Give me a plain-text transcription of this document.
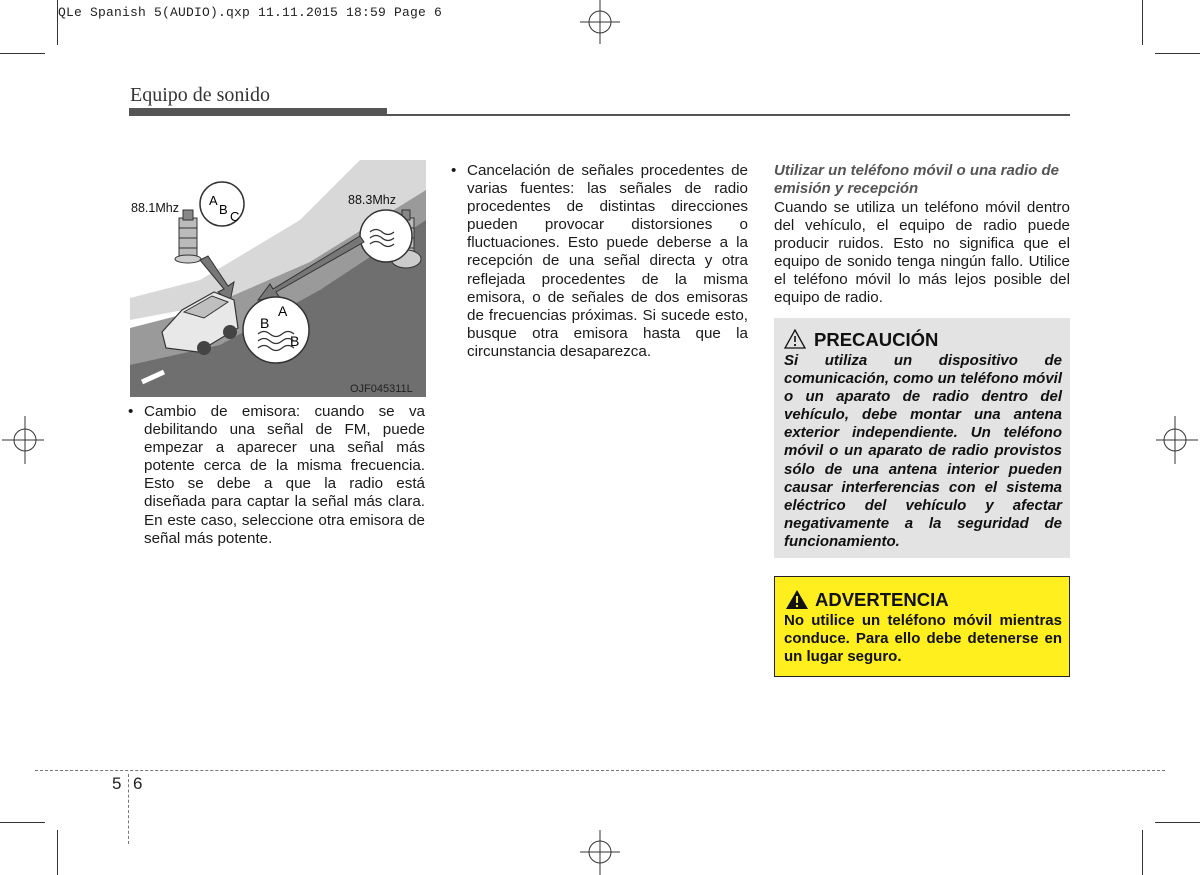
QLe Spanish 5(AUDIO).qxp 11.11.2015 18:59 Page 6
Equipo de sonido
A
B C
A
B
B
88.1Mhz
88.3Mhz
OJF045311L
• Cambio de emisora: cuando se va debilitando una señal de FM, puede empezar a aparecer una señal más potente cerca de la misma frecuencia. Esto se debe a que la radio está diseñada para captar la señal más clara. En este caso, seleccione otra emisora de señal más potente.
• Cancelación de señales procedentes de varias fuentes: las señales de radio procedentes de distintas direcciones pueden provocar distorsiones o fluctuaciones. Esto puede deberse a la recepción de una señal directa y otra reflejada procedentes de la misma emisora, o de señales de dos emisoras de frecuencias próximas. Si sucede esto, busque otra emisora hasta que la circunstancia desaparezca.
Utilizar un teléfono móvil o una radio de emisión y recepción
Cuando se utiliza un teléfono móvil dentro del vehículo, el equipo de radio puede producir ruidos. Esto no significa que el equipo de sonido tenga ningún fallo. Utilice el teléfono móvil lo más lejos posible del equipo de radio.
PRECAUCIÓN
Si utiliza un dispositivo de comunicación, como un teléfono móvil o un aparato de radio dentro del vehículo, debe montar una antena exterior independiente. Un teléfono móvil o un aparato de radio provistos sólo de una antena interior pueden causar interferencias con el sistema eléctrico del vehículo y afectar negativamente a la seguridad de funcionamiento.
ADVERTENCIA
No utilice un teléfono móvil mientras conduce. Para ello debe detenerse en un lugar seguro.
5 6
